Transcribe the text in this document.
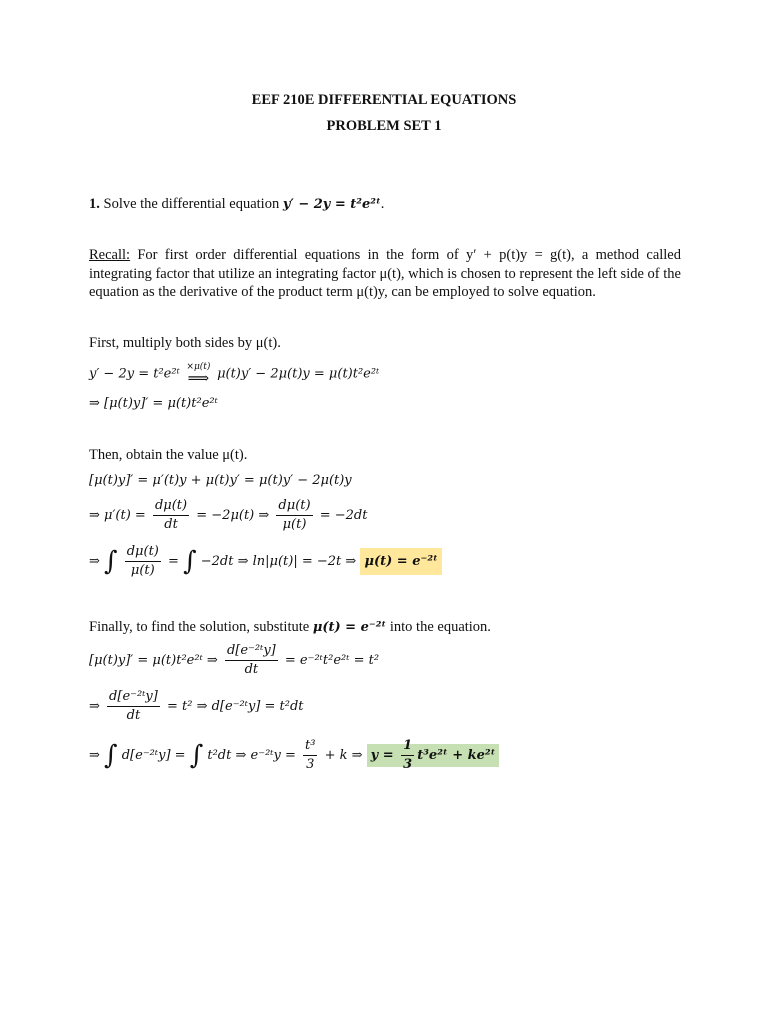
EEF 210E DIFFERENTIAL EQUATIONS
PROBLEM SET 1
1. Solve the differential equation y′ − 2y = t²e²ᵗ.
Recall: For first order differential equations in the form of y′ + p(t)y = g(t), a method called integrating factor that utilize an integrating factor μ(t), which is chosen to represent the left side of the equation as the derivative of the product term μ(t)y, can be employed to solve equation.
First, multiply both sides by μ(t).
y′ − 2y = t²e²ᵗ ×μ(t)
⟹ μ(t)y′ − 2μ(t)y = μ(t)t²e²ᵗ
⇒ [μ(t)y]′ = μ(t)t²e²ᵗ
Then, obtain the value μ(t).
[μ(t)y]′ = μ′(t)y + μ(t)y′ = μ(t)y′ − 2μ(t)y
⇒ $\mu'(t) = \frac{d\mu(t)}{dt} = -2\mu(t)$ ⇒ $\frac{d\mu(t)}{\mu(t)} = -2dt$
⇒ ∫ $\frac{d\mu(t)}{\mu(t)}$ = ∫ −2dt ⇒ ln|μ(t)| = −2t ⇒ μ(t) = e⁻²ᵗ
Finally, to find the solution, substitute μ(t) = e⁻²ᵗ into the equation.
[μ(t)y]′ = μ(t)t²e²ᵗ ⇒ $\frac{\text{d[e⁻²ᵗy]}}{dt}$ = e⁻²ᵗt²e²ᵗ = t²
⇒ $\frac{\text{d[e⁻²ᵗy]}}{dt} = t^2$ ⇒ d[e⁻²ᵗy] = t²dt
⇒ ∫ d[e⁻²ᵗy] = ∫ t²dt ⇒ e⁻²ᵗy = $\frac{\text{t³}}{3} + k$ ⇒ $y = \frac{1}{3}$ t³e²ᵗ + ke²ᵗ
